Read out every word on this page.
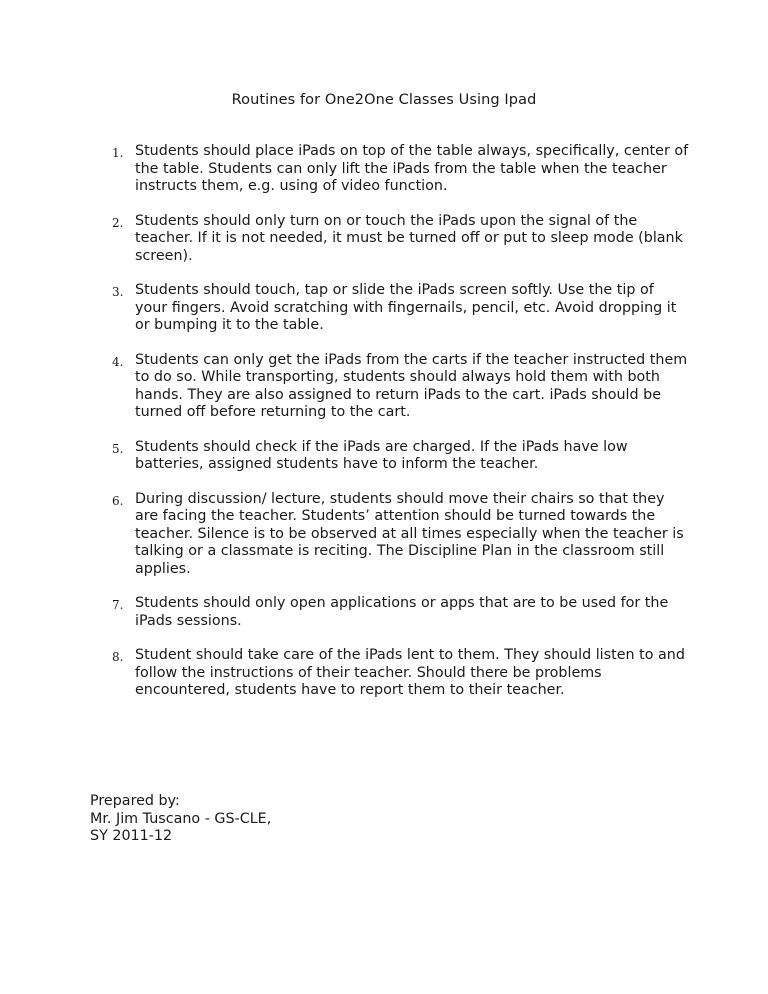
Routines for One2One Classes Using Ipad
1. Students should place iPads on top of the table always, specifically, center of the table. Students can only lift the iPads from the table when the teacher instructs them, e.g. using of video function.
2. Students should only turn on or touch the iPads upon the signal of the teacher. If it is not needed, it must be turned off or put to sleep mode (blank screen).
3. Students should touch, tap or slide the iPads screen softly. Use the tip of your fingers. Avoid scratching with fingernails, pencil, etc. Avoid dropping it or bumping it to the table.
4. Students can only get the iPads from the carts if the teacher instructed them to do so. While transporting, students should always hold them with both hands. They are also assigned to return iPads to the cart. iPads should be turned off before returning to the cart.
5. Students should check if the iPads are charged. If the iPads have low batteries, assigned students have to inform the teacher.
6. During discussion/ lecture, students should move their chairs so that they are facing the teacher. Students’ attention should be turned towards the teacher. Silence is to be observed at all times especially when the teacher is talking or a classmate is reciting. The Discipline Plan in the classroom still applies.
7. Students should only open applications or apps that are to be used for the iPads sessions.
8. Student should take care of the iPads lent to them. They should listen to and follow the instructions of their teacher. Should there be problems encountered, students have to report them to their teacher.
Prepared by:
Mr. Jim Tuscano - GS-CLE,
SY 2011-12
